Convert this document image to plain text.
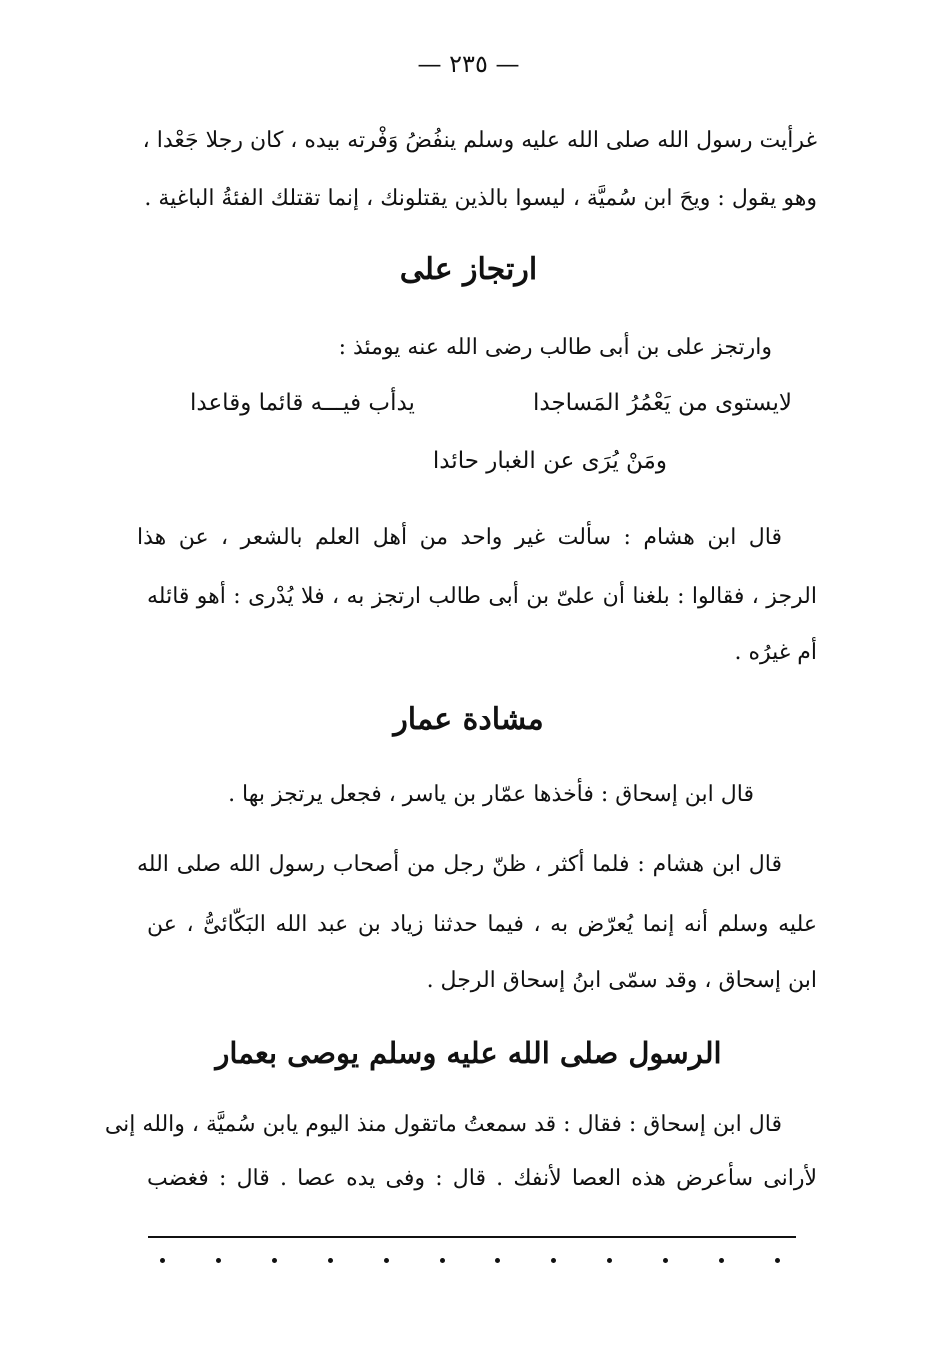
— ٢٣٥ —
غرأيت رسول الله صلى الله عليه وسلم ينفُضُ وَفْرته بيده ، كان رجلا جَعْدا ،
وهو يقول : ويحَ ابن سُميَّة ، ليسوا بالذين يقتلونك ، إنما تقتلك الفئةُ الباغية .
ارتجاز على
وارتجز على بن أبى طالب رضى الله عنه يومئذ :
لايستوى من يَعْمُرُ المَساجدا
يدأب فيـــه قائما وقاعدا
ومَنْ يُرَى عن الغبار حائدا
قال ابن هشام : سألت غير واحد من أهل العلم بالشعر ، عن هذا
الرجز ، فقالوا : بلغنا أن علىّ بن أبى طالب ارتجز به ، فلا يُدْرى : أهو قائله
أم غيرُه .
مشادة عمار
قال ابن إسحاق : فأخذها عمّار بن ياسر ، فجعل يرتجز بها .
قال ابن هشام : فلما أكثر ، ظنّ رجل من أصحاب رسول الله صلى الله
عليه وسلم أنه إنما يُعرّض به ، فيما حدثنا زياد بن عبد الله البَكّائىُّ ، عن
ابن إسحاق ، وقد سمّى ابنُ إسحاق الرجل .
الرسول صلى الله عليه وسلم يوصى بعمار
قال ابن إسحاق : فقال : قد سمعتُ ماتقول منذ اليوم يابن سُميَّة ، والله إنى
لأرانى سأعرض هذه العصا لأنفك . قال : وفى يده عصا . قال : فغضب
